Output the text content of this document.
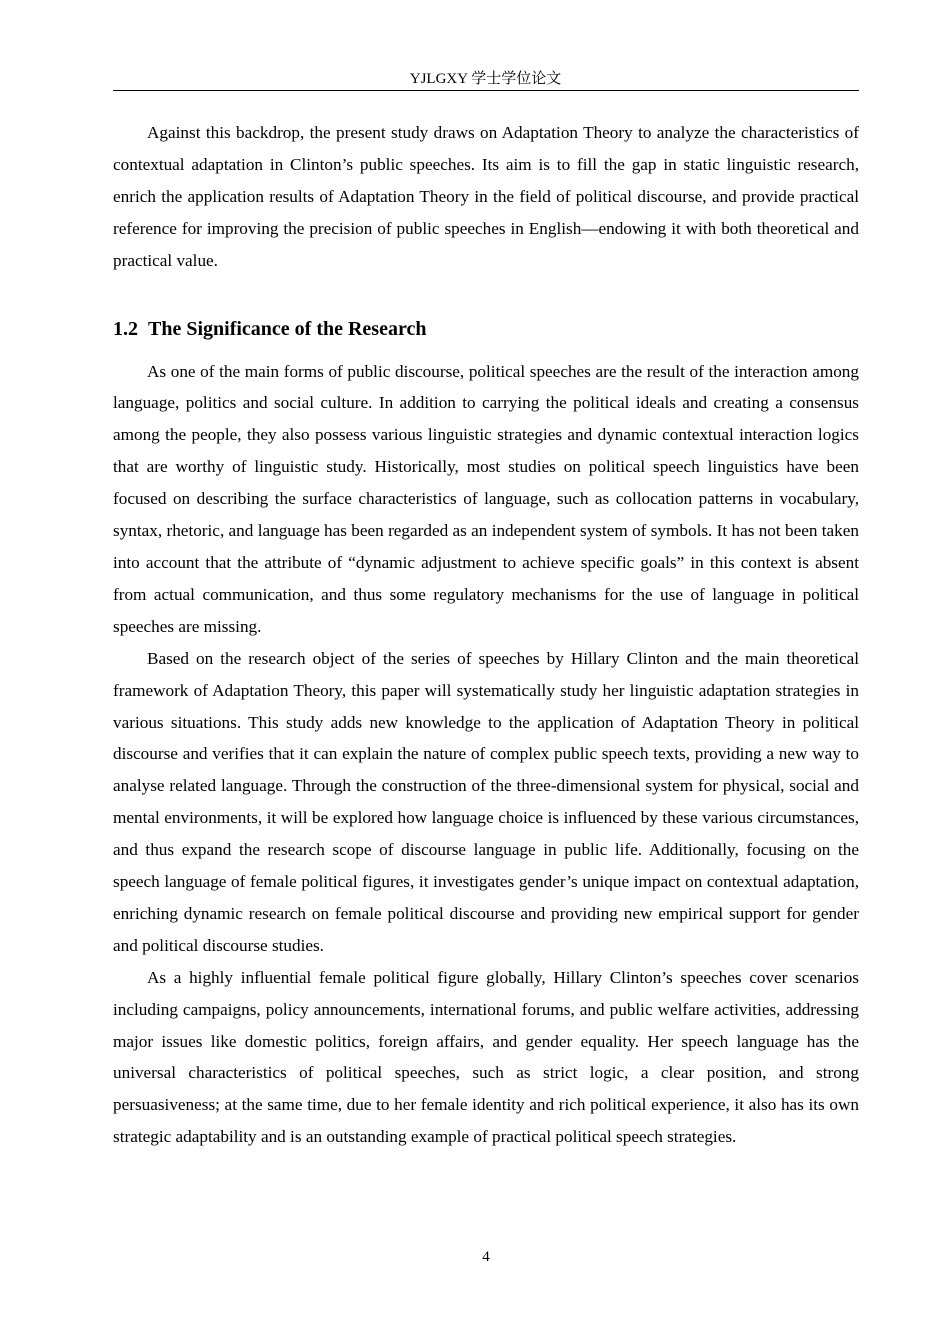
YJLGXY 学士学位论文

Against this backdrop, the present study draws on Adaptation Theory to analyze the characteristics of contextual adaptation in Clinton’s public speeches. Its aim is to fill the gap in static linguistic research, enrich the application results of Adaptation Theory in the field of political discourse, and provide practical reference for improving the precision of public speeches in English—endowing it with both theoretical and practical value.

1.2 The Significance of the Research

As one of the main forms of public discourse, political speeches are the result of the interaction among language, politics and social culture. In addition to carrying the political ideals and creating a consensus among the people, they also possess various linguistic strategies and dynamic contextual interaction logics that are worthy of linguistic study. Historically, most studies on political speech linguistics have been focused on describing the surface characteristics of language, such as collocation patterns in vocabulary, syntax, rhetoric, and language has been regarded as an independent system of symbols. It has not been taken into account that the attribute of “dynamic adjustment to achieve specific goals” in this context is absent from actual communication, and thus some regulatory mechanisms for the use of language in political speeches are missing.

Based on the research object of the series of speeches by Hillary Clinton and the main theoretical framework of Adaptation Theory, this paper will systematically study her linguistic adaptation strategies in various situations. This study adds new knowledge to the application of Adaptation Theory in political discourse and verifies that it can explain the nature of complex public speech texts, providing a new way to analyse related language. Through the construction of the three-dimensional system for physical, social and mental environments, it will be explored how language choice is influenced by these various circumstances, and thus expand the research scope of discourse language in public life. Additionally, focusing on the speech language of female political figures, it investigates gender’s unique impact on contextual adaptation, enriching dynamic research on female political discourse and providing new empirical support for gender and political discourse studies.

As a highly influential female political figure globally, Hillary Clinton’s speeches cover scenarios including campaigns, policy announcements, international forums, and public welfare activities, addressing major issues like domestic politics, foreign affairs, and gender equality. Her speech language has the universal characteristics of political speeches, such as strict logic, a clear position, and strong persuasiveness; at the same time, due to her female identity and rich political experience, it also has its own strategic adaptability and is an outstanding example of practical political speech strategies.

4
